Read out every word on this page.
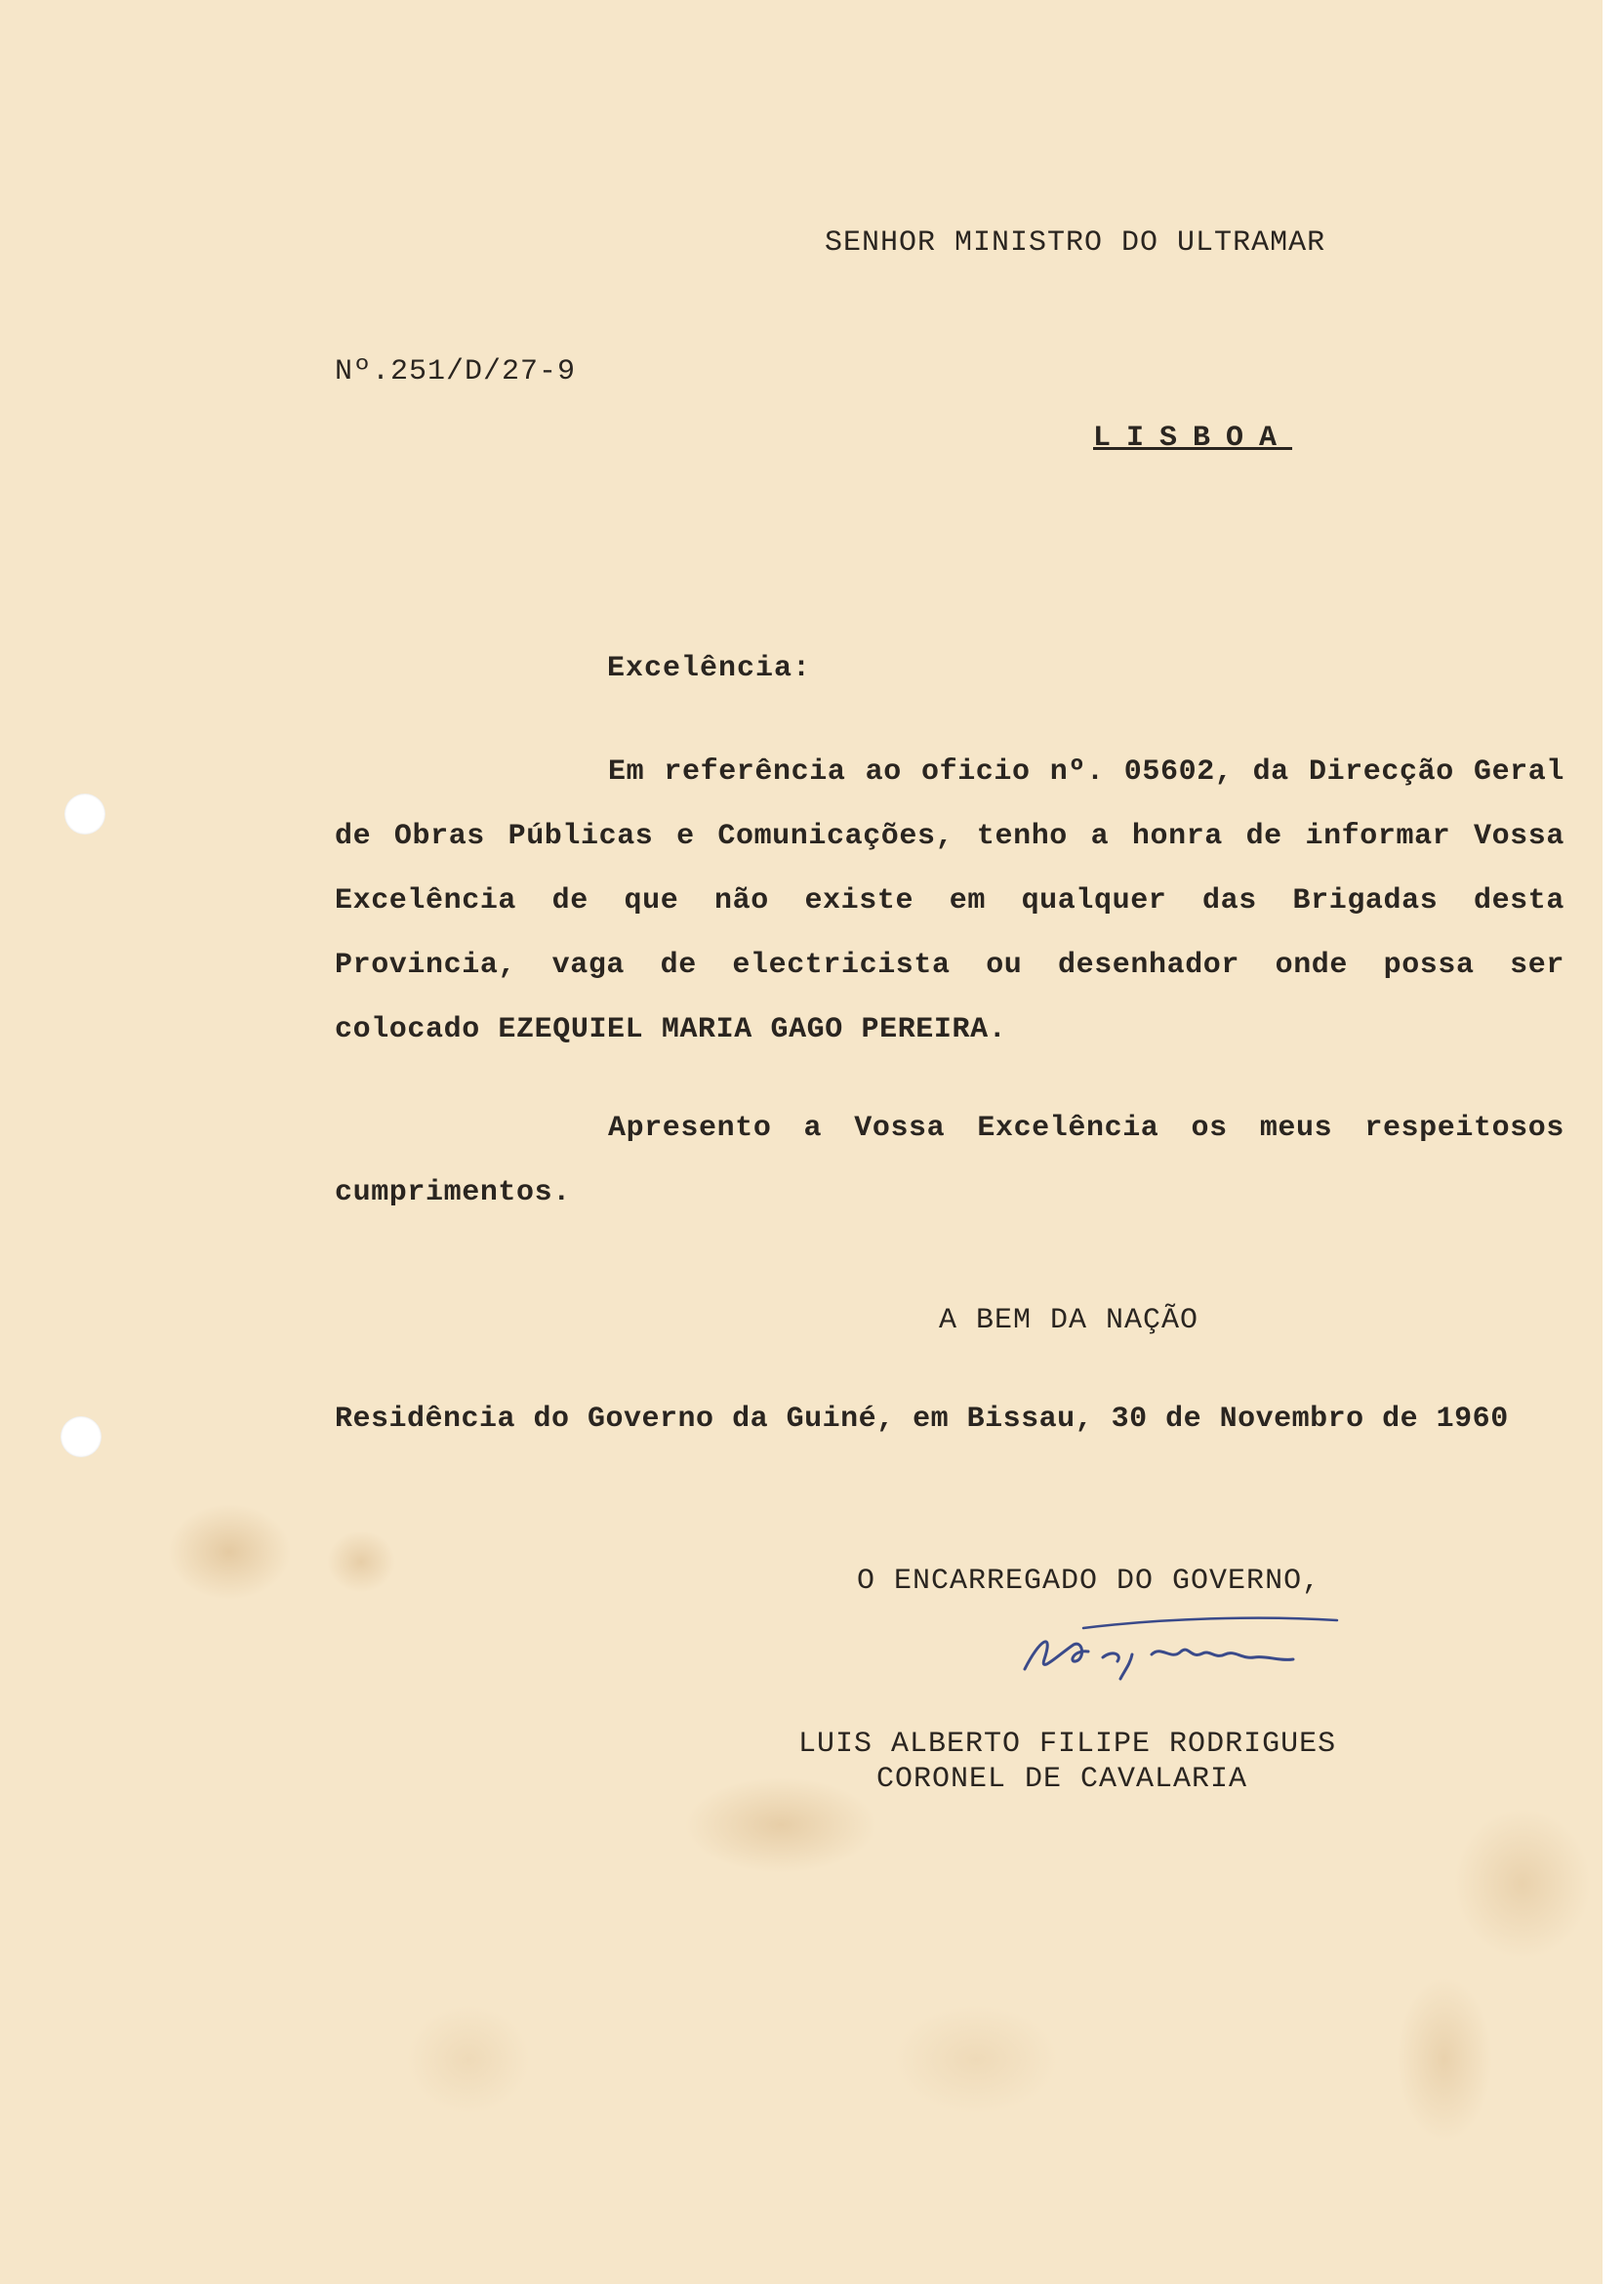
SENHOR MINISTRO DO ULTRAMAR
Nº.251/D/27-9
LISBOA
Excelência:
Em referência ao oficio nº. 05602, da Direcção Geral de Obras Públicas e Comunicações, tenho a honra de informar Vossa Excelência de que não existe em qualquer das Brigadas desta Provincia, vaga de electricista ou desenhador onde possa ser colocado EZEQUIEL MARIA GAGO PEREIRA.
Apresento a Vossa Excelência os meus respeitosos cumprimentos.
A BEM DA NAÇÃO
Residência do Governo da Guiné, em Bissau, 30 de Novembro de 1960
O ENCARREGADO DO GOVERNO,
LUIS ALBERTO FILIPE RODRIGUES
CORONEL DE CAVALARIA
